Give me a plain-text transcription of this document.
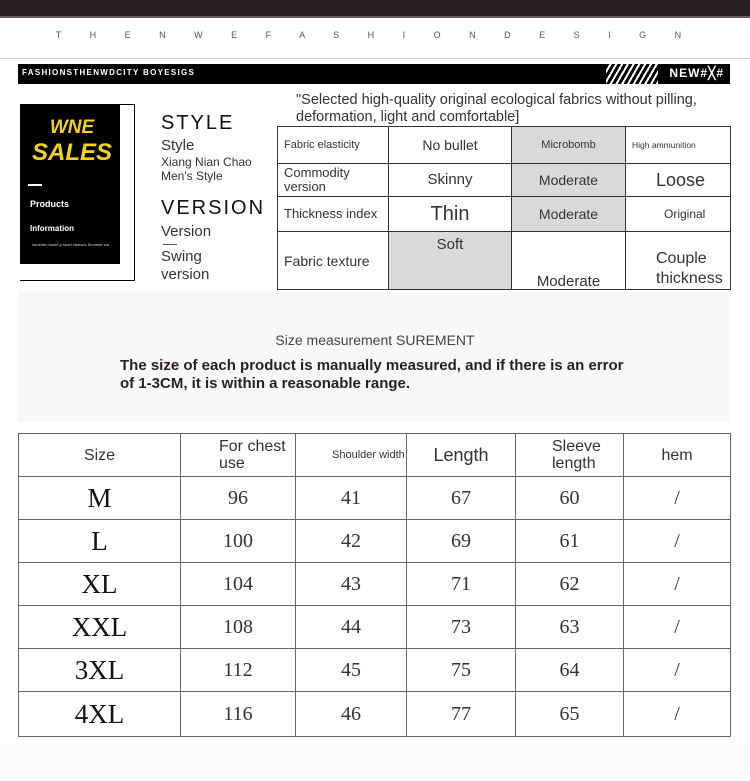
T H E N W E F A S H I O N D E S I G N
FASHIONSTHENWDCITY BOYESIGS	NEW#╳#
WNE
SALES
Products
Information
summer model p short sleeves Summer wa
STYLE
Style
Xiang Nian Chao
Men's Style
VERSION
Version
Swing
version
"Selected high-quality original ecological fabrics without pilling, deformation, light and comfortable]
Fabric elasticity	No bullet	Microbomb	High ammunition
Commodity version	Skinny	Moderate	Loose
Thickness index	Thin	Moderate	Original
Fabric texture	Soft	Moderate	Couple thickness
Size measurement SUREMENT
The size of each product is manually measured, and if there is an error of 1-3CM, it is within a reasonable range.
Size	For chest use	Shoulder width	Length	Sleeve length	hem
M	96	41	67	60	/
L	100	42	69	61	/
XL	104	43	71	62	/
XXL	108	44	73	63	/
3XL	112	45	75	64	/
4XL	116	46	77	65	/
